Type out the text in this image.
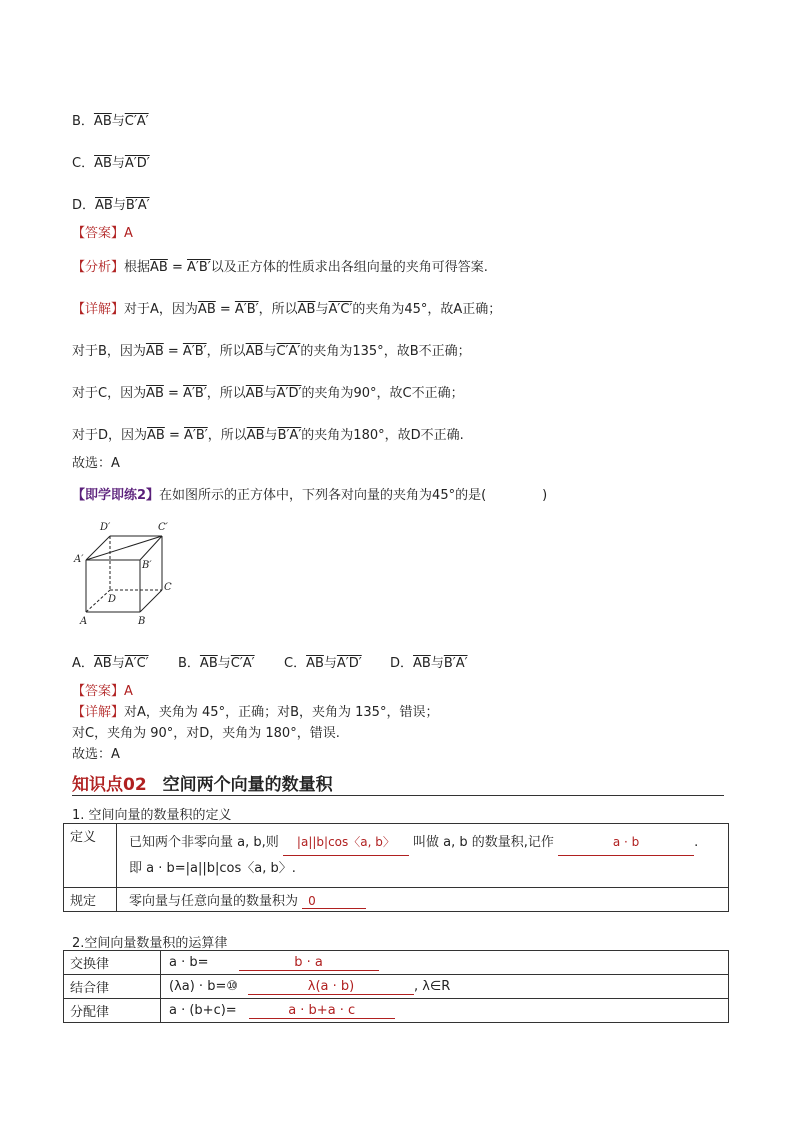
B．$\overline{AB}$与C′A′
C．$\overline{AB}$与A′D′
D．$\overline{AB}$与B′A′
【答案】A
【分析】根据$\overline{AB} = A'B'$以及正方体的性质求出各组向量的夹角可得答案.
【详解】对于A，因为$\overline{AB} = A'B'$，所以$\overline{AB}$与A′C′的夹角为45°，故A正确；
对于B，因为$\overline{AB} = A'B'$，所以$\overline{AB}$与C′A′的夹角为135°，故B不正确；
对于C，因为$\overline{AB} = A'B'$，所以$\overline{AB}$与A′D′的夹角为90°，故C不正确；
对于D，因为$\overline{AB} = A'B'$，所以$\overline{AB}$与B′A′的夹角为180°，故D不正确.
故选：A
【即学即练2】在如图所示的正方体中，下列各对向量的夹角为45°的是(	)
D′	C′
A′
B′
D
C
A	B
A．$\overline{AB}$与A′C′ B．$\overline{AB}$与C′A′ C．$\overline{AB}$与A′D′ D．$\overline{AB}$与B′A′
【答案】A
【详解】对A，夹角为 45°，正确；对B，夹角为 135°，错误；
对C，夹角为 90°，对D，夹角为 180°，错误.
故选：A
知识点02 空间两个向量的数量积
1. 空间向量的数量积的定义
定义	已知两个非零向量 a, b,则 |a||b|cos〈a, b〉 叫做 a, b 的数量积,记作 a · b .
即 a · b=|a||b|cos〈a, b〉.
规定	零向量与任意向量的数量积为 0
2.空间向量数量积的运算律
交换律	a · b= b · a
结合律	(λa) · b=⑩ λ(a · b) , λ∈R
分配律	a · (b+c)= a · b+a · c
